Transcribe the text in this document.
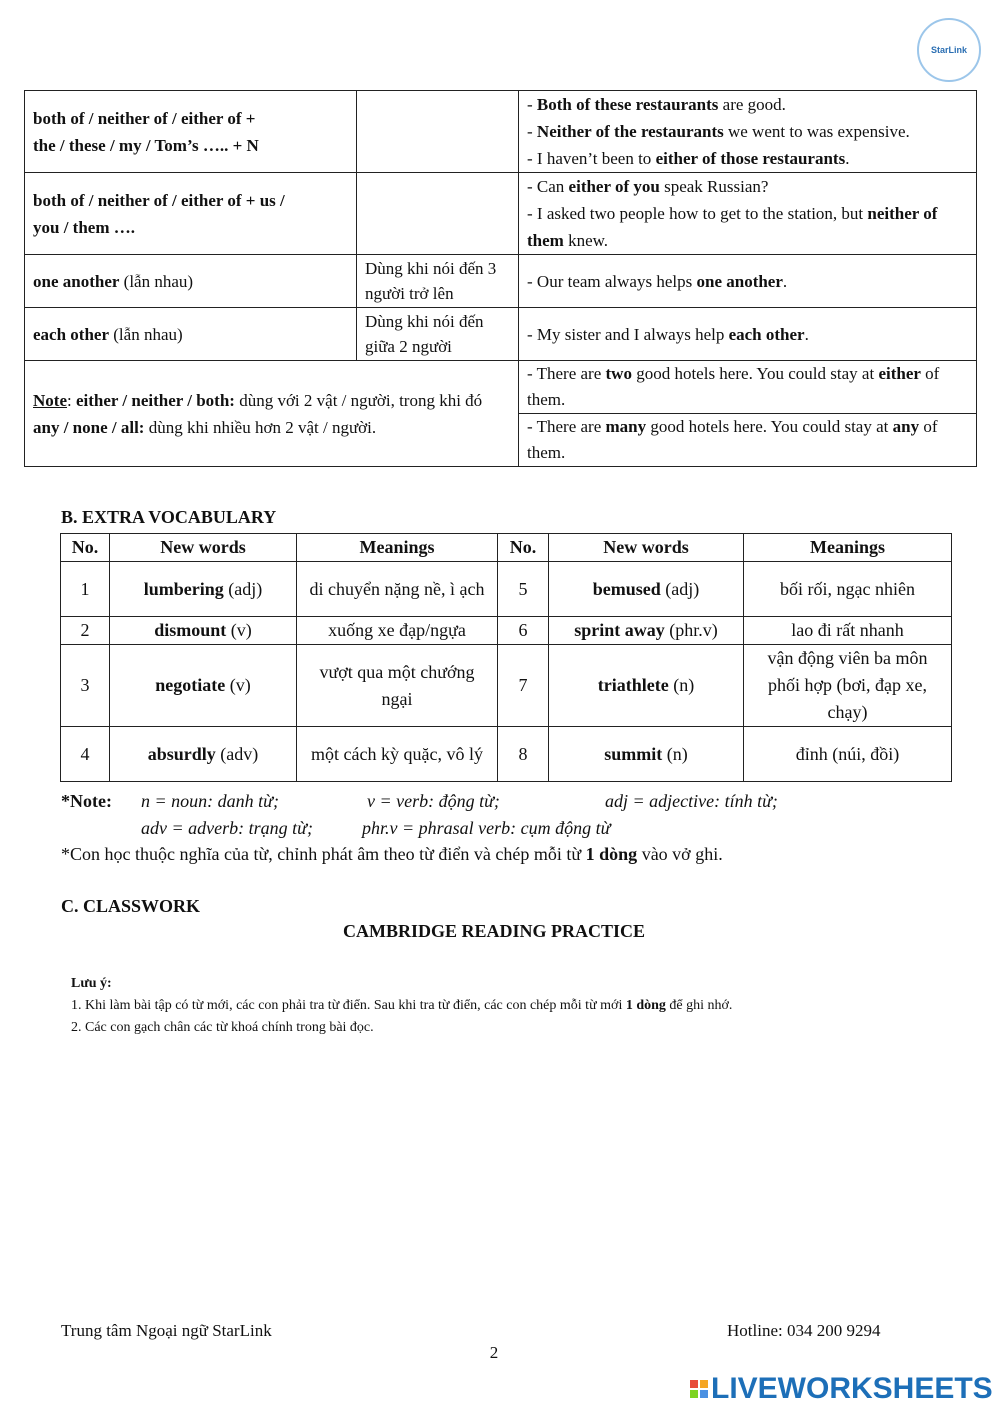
StarLink
both of / neither of / either of +
the / these / my / Tom’s ….. + N		- Both of these restaurants are good.
- Neither of the restaurants we went to was expensive.
- I haven’t been to either of those restaurants.

both of / neither of / either of + us /
you / them ….		- Can either of you speak Russian?
- I asked two people how to get to the station, but neither of them knew.

one another (lẫn nhau)	Dùng khi nói đến 3 người trở lên	- Our team always helps one another.
each other (lẫn nhau)	Dùng khi nói đến giữa 2 người	- My sister and I always help each other.
Note: either / neither / both: dùng với 2 vật / người, trong khi đó any / none / all: dùng khi nhiều hơn 2 vật / người.		- There are two good hotels here. You could stay at either of them.
		- There are many good hotels here. You could stay at any of them.
B. EXTRA VOCABULARY
No.	New words	Meanings	No.	New words	Meanings
1	lumbering (adj)	di chuyển nặng nề, ì ạch	5	bemused (adj)	bối rối, ngạc nhiên
2	dismount (v)	xuống xe đạp/ngựa	6	sprint away (phr.v)	lao đi rất nhanh
3	negotiate (v)	vượt qua một chướng ngại	7	triathlete (n)	vận động viên ba môn phối hợp (bơi, đạp xe, chạy)
4	absurdly (adv)	một cách kỳ quặc, vô lý	8	summit (n)	đỉnh (núi, đồi)
*Note: n = noun: danh từ;	v = verb: động từ;	adj = adjective: tính từ;
adv = adverb: trạng từ;	phr.v = phrasal verb: cụm động từ
*Con học thuộc nghĩa của từ, chỉnh phát âm theo từ điển và chép mỗi từ 1 dòng vào vở ghi.
C. CLASSWORK
CAMBRIDGE READING PRACTICE
Lưu ý:
1. Khi làm bài tập có từ mới, các con phải tra từ điển. Sau khi tra từ điển, các con chép mỗi từ mới 1 dòng để ghi nhớ.
2. Các con gạch chân các từ khoá chính trong bài đọc.
Trung tâm Ngoại ngữ StarLink	Hotline: 034 200 9294
2
LIVEWORKSHEETS
